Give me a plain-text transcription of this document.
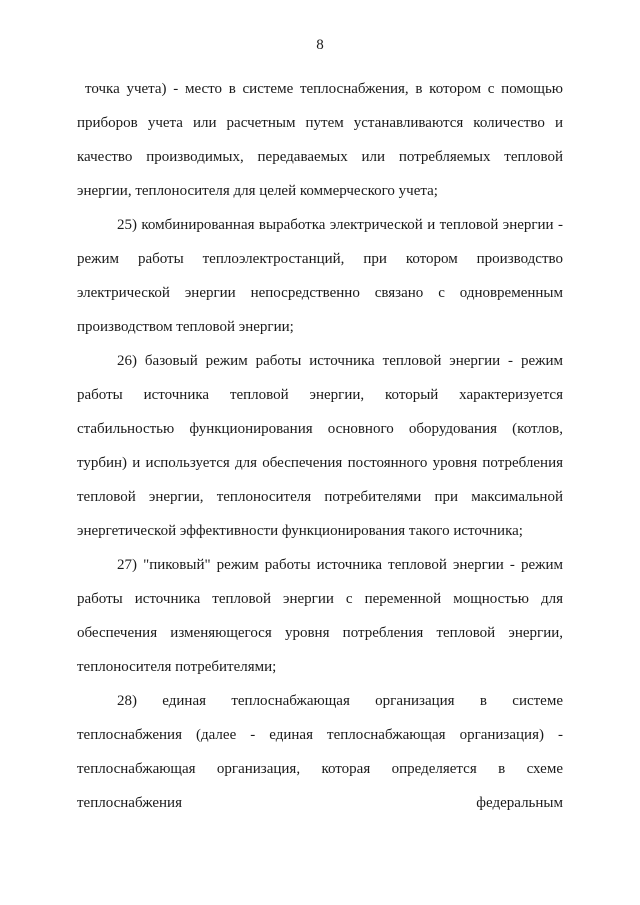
8

точка учета) - место в системе теплоснабжения, в котором с помощью приборов учета или расчетным путем устанавливаются количество и качество производимых, передаваемых или потребляемых тепловой энергии, теплоносителя для целей коммерческого учета;

25) комбинированная выработка электрической и тепловой энергии - режим работы теплоэлектростанций, при котором производство электрической энергии непосредственно связано с одновременным производством тепловой энергии;

26) базовый режим работы источника тепловой энергии - режим работы источника тепловой энергии, который характеризуется стабильностью функционирования основного оборудования (котлов, турбин) и используется для обеспечения постоянного уровня потребления тепловой энергии, теплоносителя потребителями при максимальной энергетической эффективности функционирования такого источника;

27) "пиковый" режим работы источника тепловой энергии - режим работы источника тепловой энергии с переменной мощностью для обеспечения изменяющегося уровня потребления тепловой энергии, теплоносителя потребителями;

28) единая теплоснабжающая организация в системе теплоснабжения (далее - единая теплоснабжающая организация) - теплоснабжающая организация, которая определяется в схеме теплоснабжения федеральным
